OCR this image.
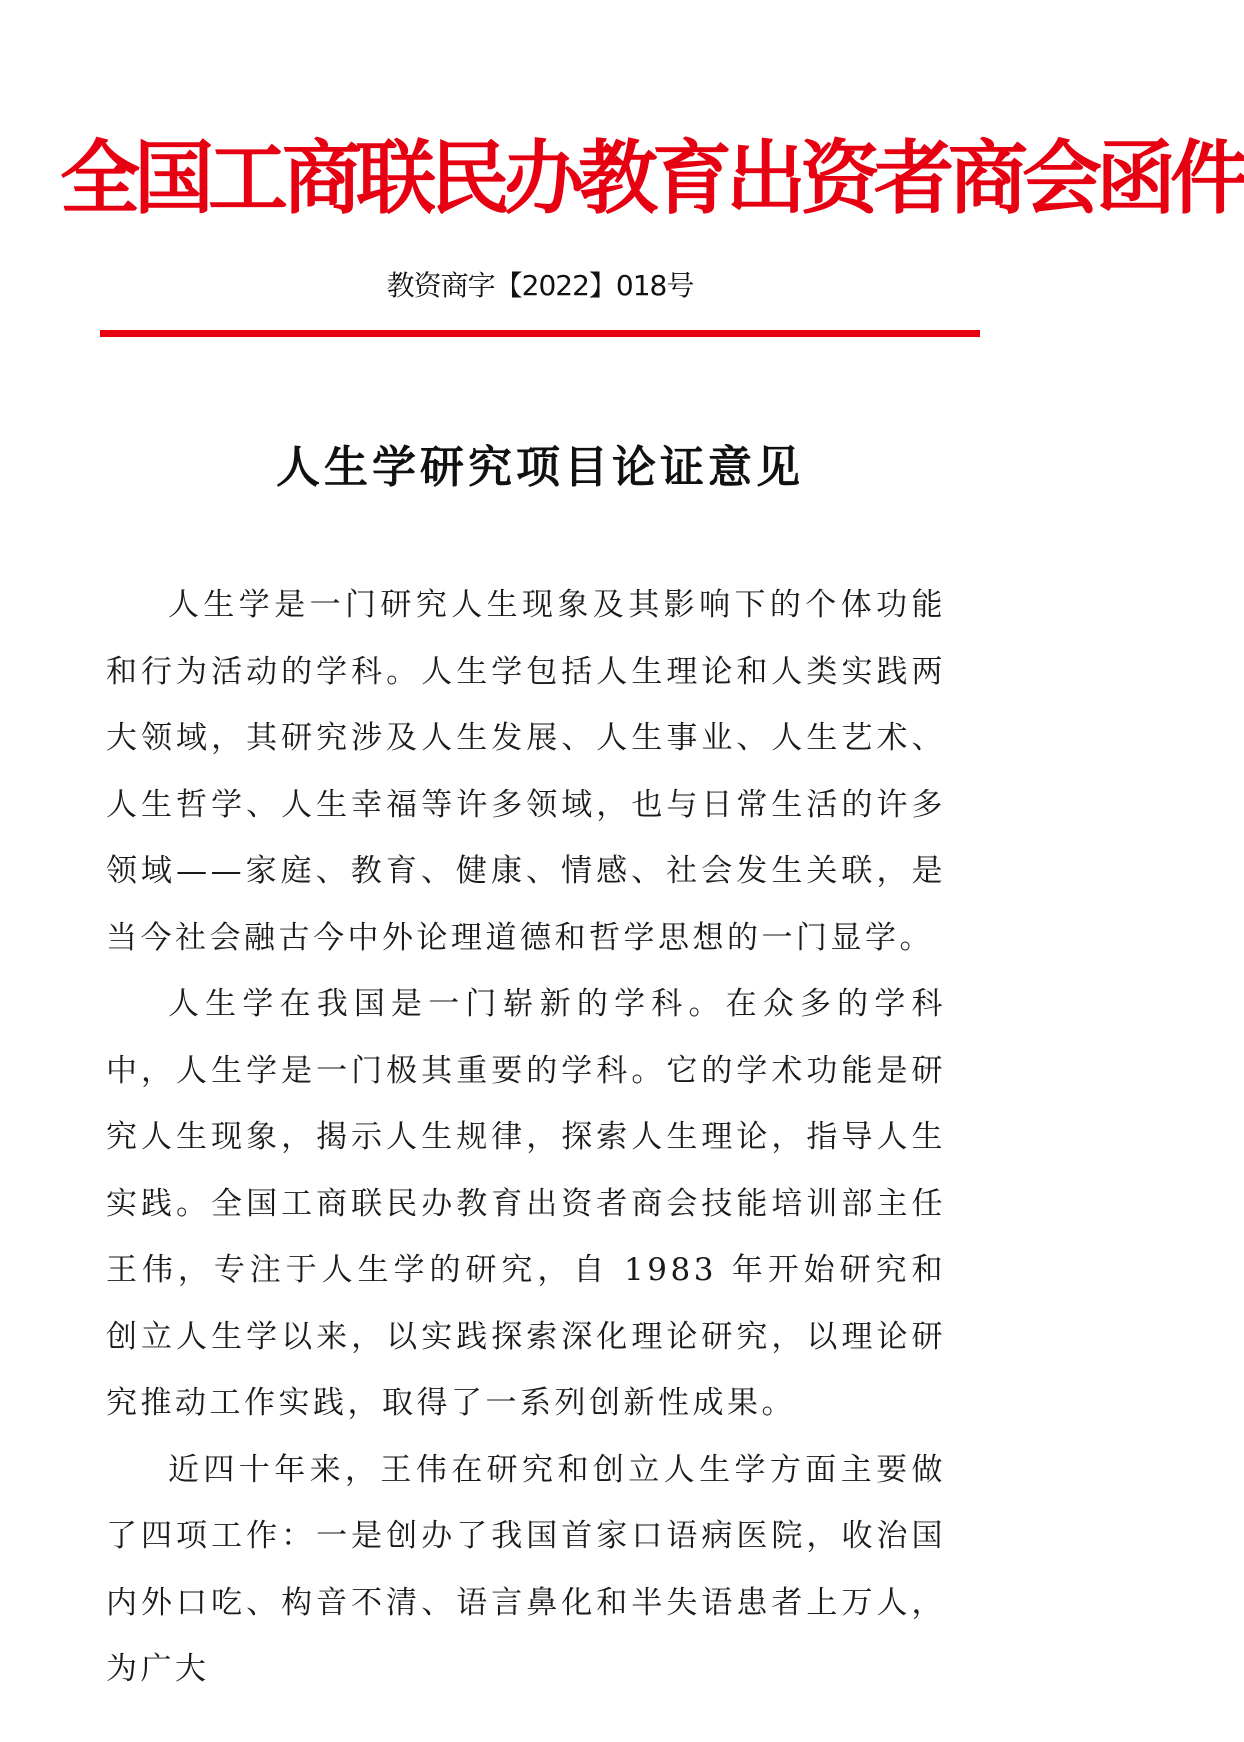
全国工商联民办教育出资者商会函件
教资商字【2022】018号
人生学研究项目论证意见

人生学是一门研究人生现象及其影响下的个体功能和行为活动的学科。人生学包括人生理论和人类实践两大领域，其研究涉及人生发展、人生事业、人生艺术、人生哲学、人生幸福等许多领域，也与日常生活的许多领域——家庭、教育、健康、情感、社会发生关联，是当今社会融古今中外论理道德和哲学思想的一门显学。

人生学在我国是一门崭新的学科。在众多的学科中，人生学是一门极其重要的学科。它的学术功能是研究人生现象，揭示人生规律，探索人生理论，指导人生实践。全国工商联民办教育出资者商会技能培训部主任王伟，专注于人生学的研究，自 1983 年开始研究和创立人生学以来，以实践探索深化理论研究，以理论研究推动工作实践，取得了一系列创新性成果。

近四十年来，王伟在研究和创立人生学方面主要做了四项工作：一是创办了我国首家口语病医院，收治国内外口吃、构音不清、语言鼻化和半失语患者上万人，为广大
